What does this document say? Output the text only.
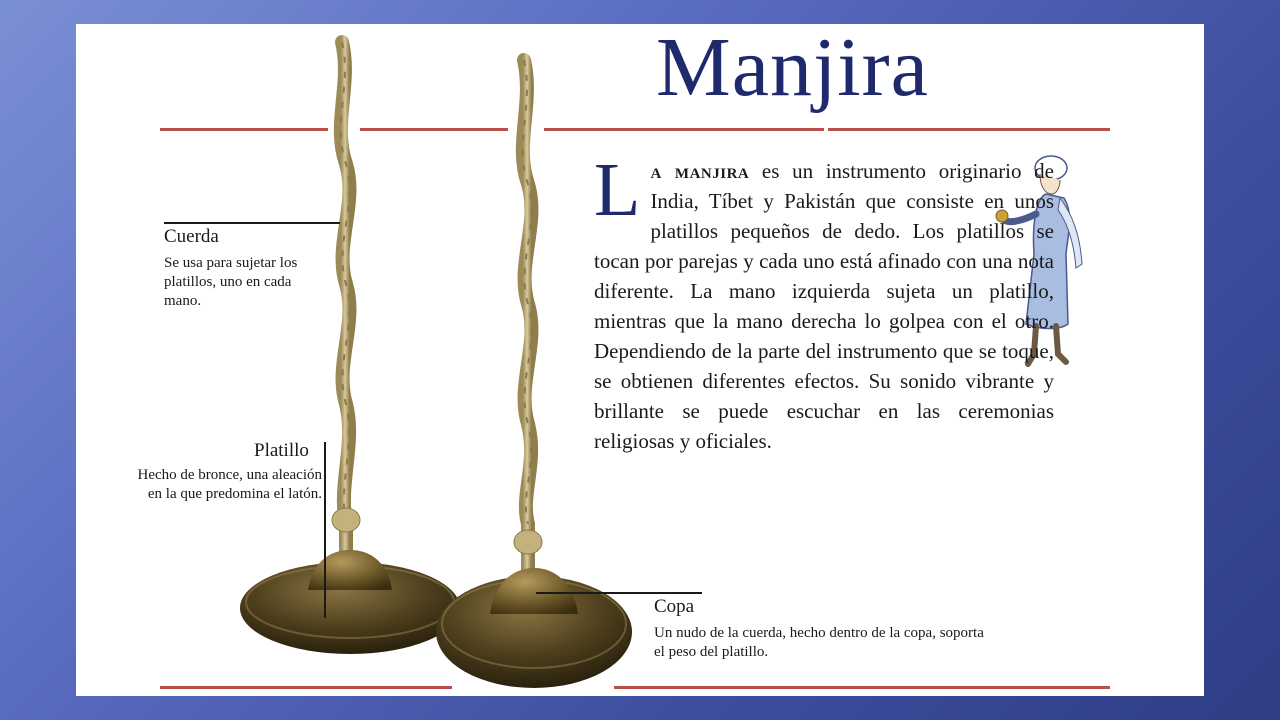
Manjira

Cuerda

Se usa para sujetar los platillos, uno en cada mano.

Platillo

Hecho de bronce, una aleación en la que predomina el latón.

Copa

Un nudo de la cuerda, hecho dentro de la copa, soporta el peso del platillo.

La manjira es un instrumento originario de India, Tíbet y Pakistán que consiste en unos platillos pequeños de dedo. Los platillos se tocan por parejas y cada uno está afinado con una nota diferente. La mano izquierda sujeta un platillo, mientras que la mano derecha lo golpea con el otro. Dependiendo de la parte del instrumento que se toque, se obtienen diferentes efectos. Su sonido vibrante y brillante se puede escuchar en las ceremonias religiosas y oficiales.
